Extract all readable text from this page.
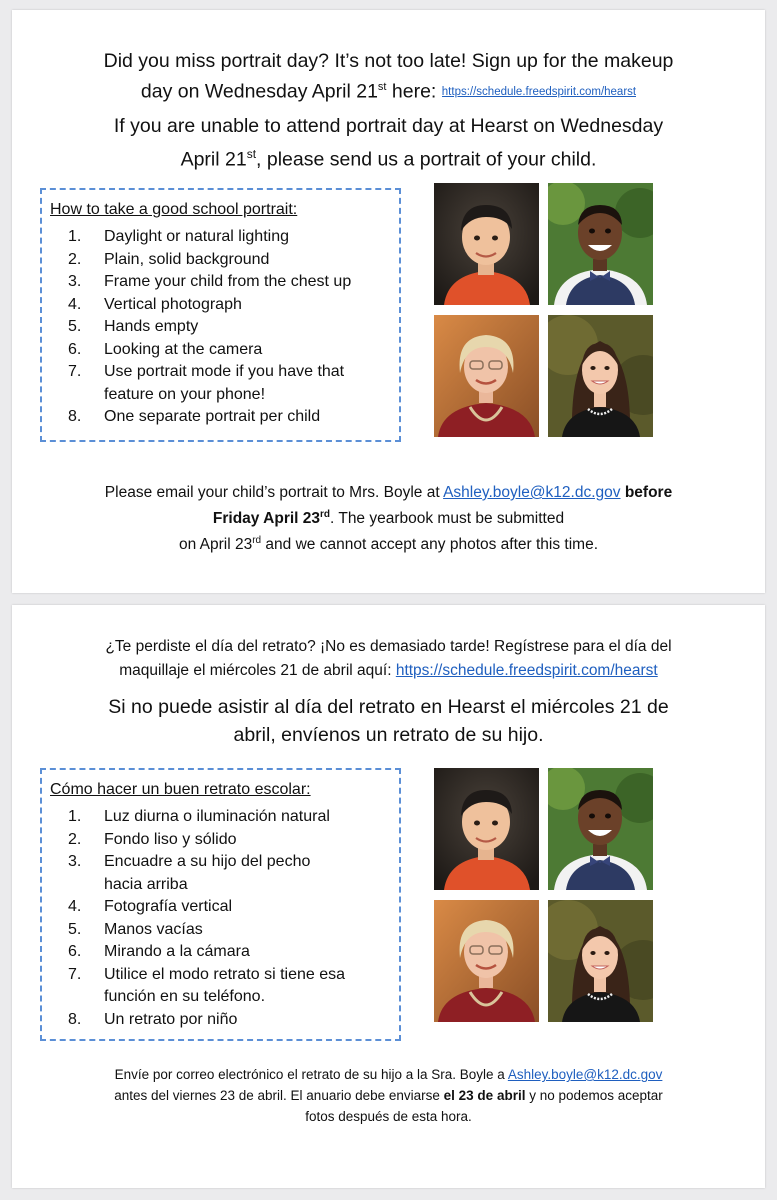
Did you miss portrait day? It’s not too late! Sign up for the makeup
day on Wednesday April 21st here: https://schedule.freedspirit.com/hearst
If you are unable to attend portrait day at Hearst on Wednesday
April 21st, please send us a portrait of your child.
How to take a good school portrait:
1. Daylight or natural lighting
2. Plain, solid background
3. Frame your child from the chest up
4. Vertical photograph
5. Hands empty
6. Looking at the camera
7. Use portrait mode if you have that
feature on your phone!
8. One separate portrait per child
Please email your child’s portrait to Mrs. Boyle at Ashley.boyle@k12.dc.gov before
Friday April 23rd. The yearbook must be submitted
on April 23rd and we cannot accept any photos after this time.
¿Te perdiste el día del retrato? ¡No es demasiado tarde! Regístrese para el día del
maquillaje el miércoles 21 de abril aquí: https://schedule.freedspirit.com/hearst
Si no puede asistir al día del retrato en Hearst el miércoles 21 de
abril, envíenos un retrato de su hijo.
Cómo hacer un buen retrato escolar:
1. Luz diurna o iluminación natural
2. Fondo liso y sólido
3. Encuadre a su hijo del pecho
hacia arriba
4. Fotografía vertical
5. Manos vacías
6. Mirando a la cámara
7. Utilice el modo retrato si tiene esa
función en su teléfono.
8. Un retrato por niño
Envíe por correo electrónico el retrato de su hijo a la Sra. Boyle a Ashley.boyle@k12.dc.gov
antes del viernes 23 de abril. El anuario debe enviarse el 23 de abril y no podemos aceptar
fotos después de esta hora.
